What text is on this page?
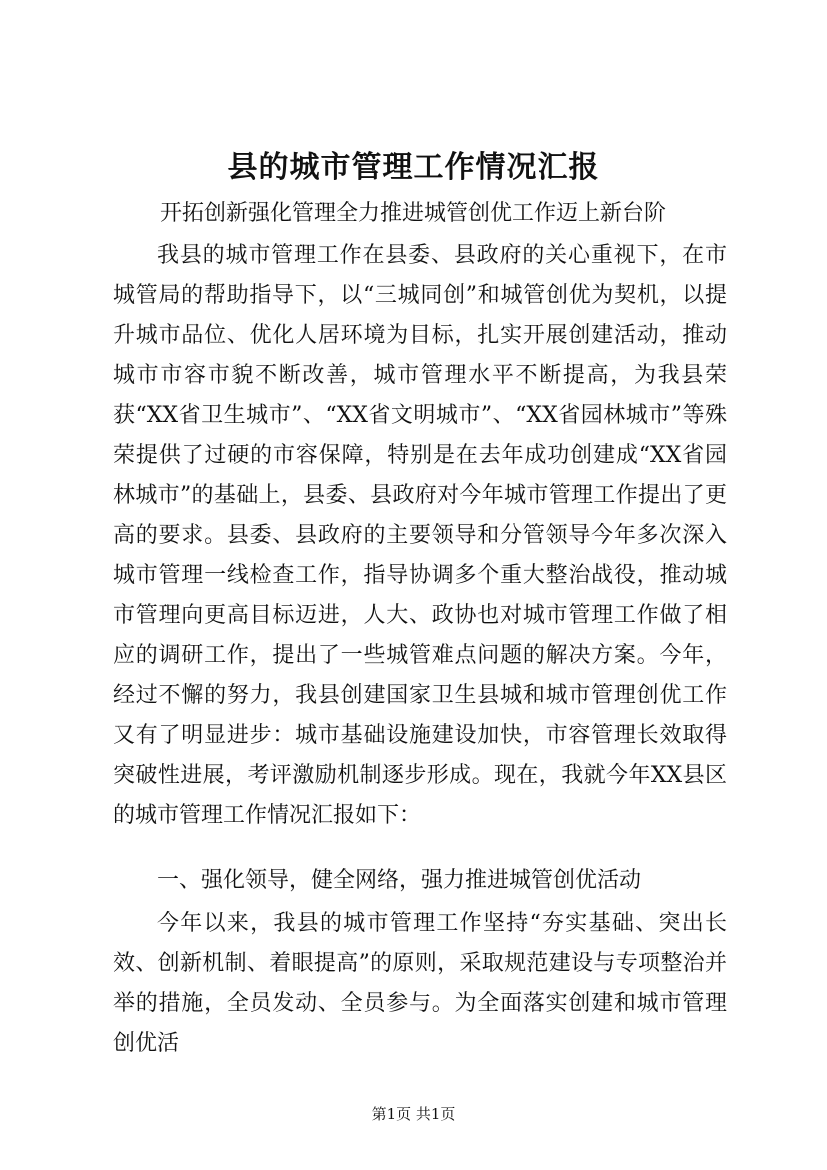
县的城市管理工作情况汇报
开拓创新强化管理全力推进城管创优工作迈上新台阶

我县的城市管理工作在县委、县政府的关心重视下，在市城管局的帮助指导下，以“三城同创”和城管创优为契机，以提升城市品位、优化人居环境为目标，扎实开展创建活动，推动城市市容市貌不断改善，城市管理水平不断提高，为我县荣获“XX省卫生城市”、“XX省文明城市”、“XX省园林城市”等殊荣提供了过硬的市容保障，特别是在去年成功创建成“XX省园林城市”的基础上，县委、县政府对今年城市管理工作提出了更高的要求。县委、县政府的主要领导和分管领导今年多次深入城市管理一线检查工作，指导协调多个重大整治战役，推动城市管理向更高目标迈进，人大、政协也对城市管理工作做了相应的调研工作，提出了一些城管难点问题的解决方案。今年，经过不懈的努力，我县创建国家卫生县城和城市管理创优工作又有了明显进步：城市基础设施建设加快，市容管理长效取得突破性进展，考评激励机制逐步形成。现在，我就今年XX县区的城市管理工作情况汇报如下：

一、强化领导，健全网络，强力推进城管创优活动

今年以来，我县的城市管理工作坚持“夯实基础、突出长效、创新机制、着眼提高”的原则，采取规范建设与专项整治并举的措施，全员发动、全员参与。为全面落实创建和城市管理创优活

第1页 共1页
